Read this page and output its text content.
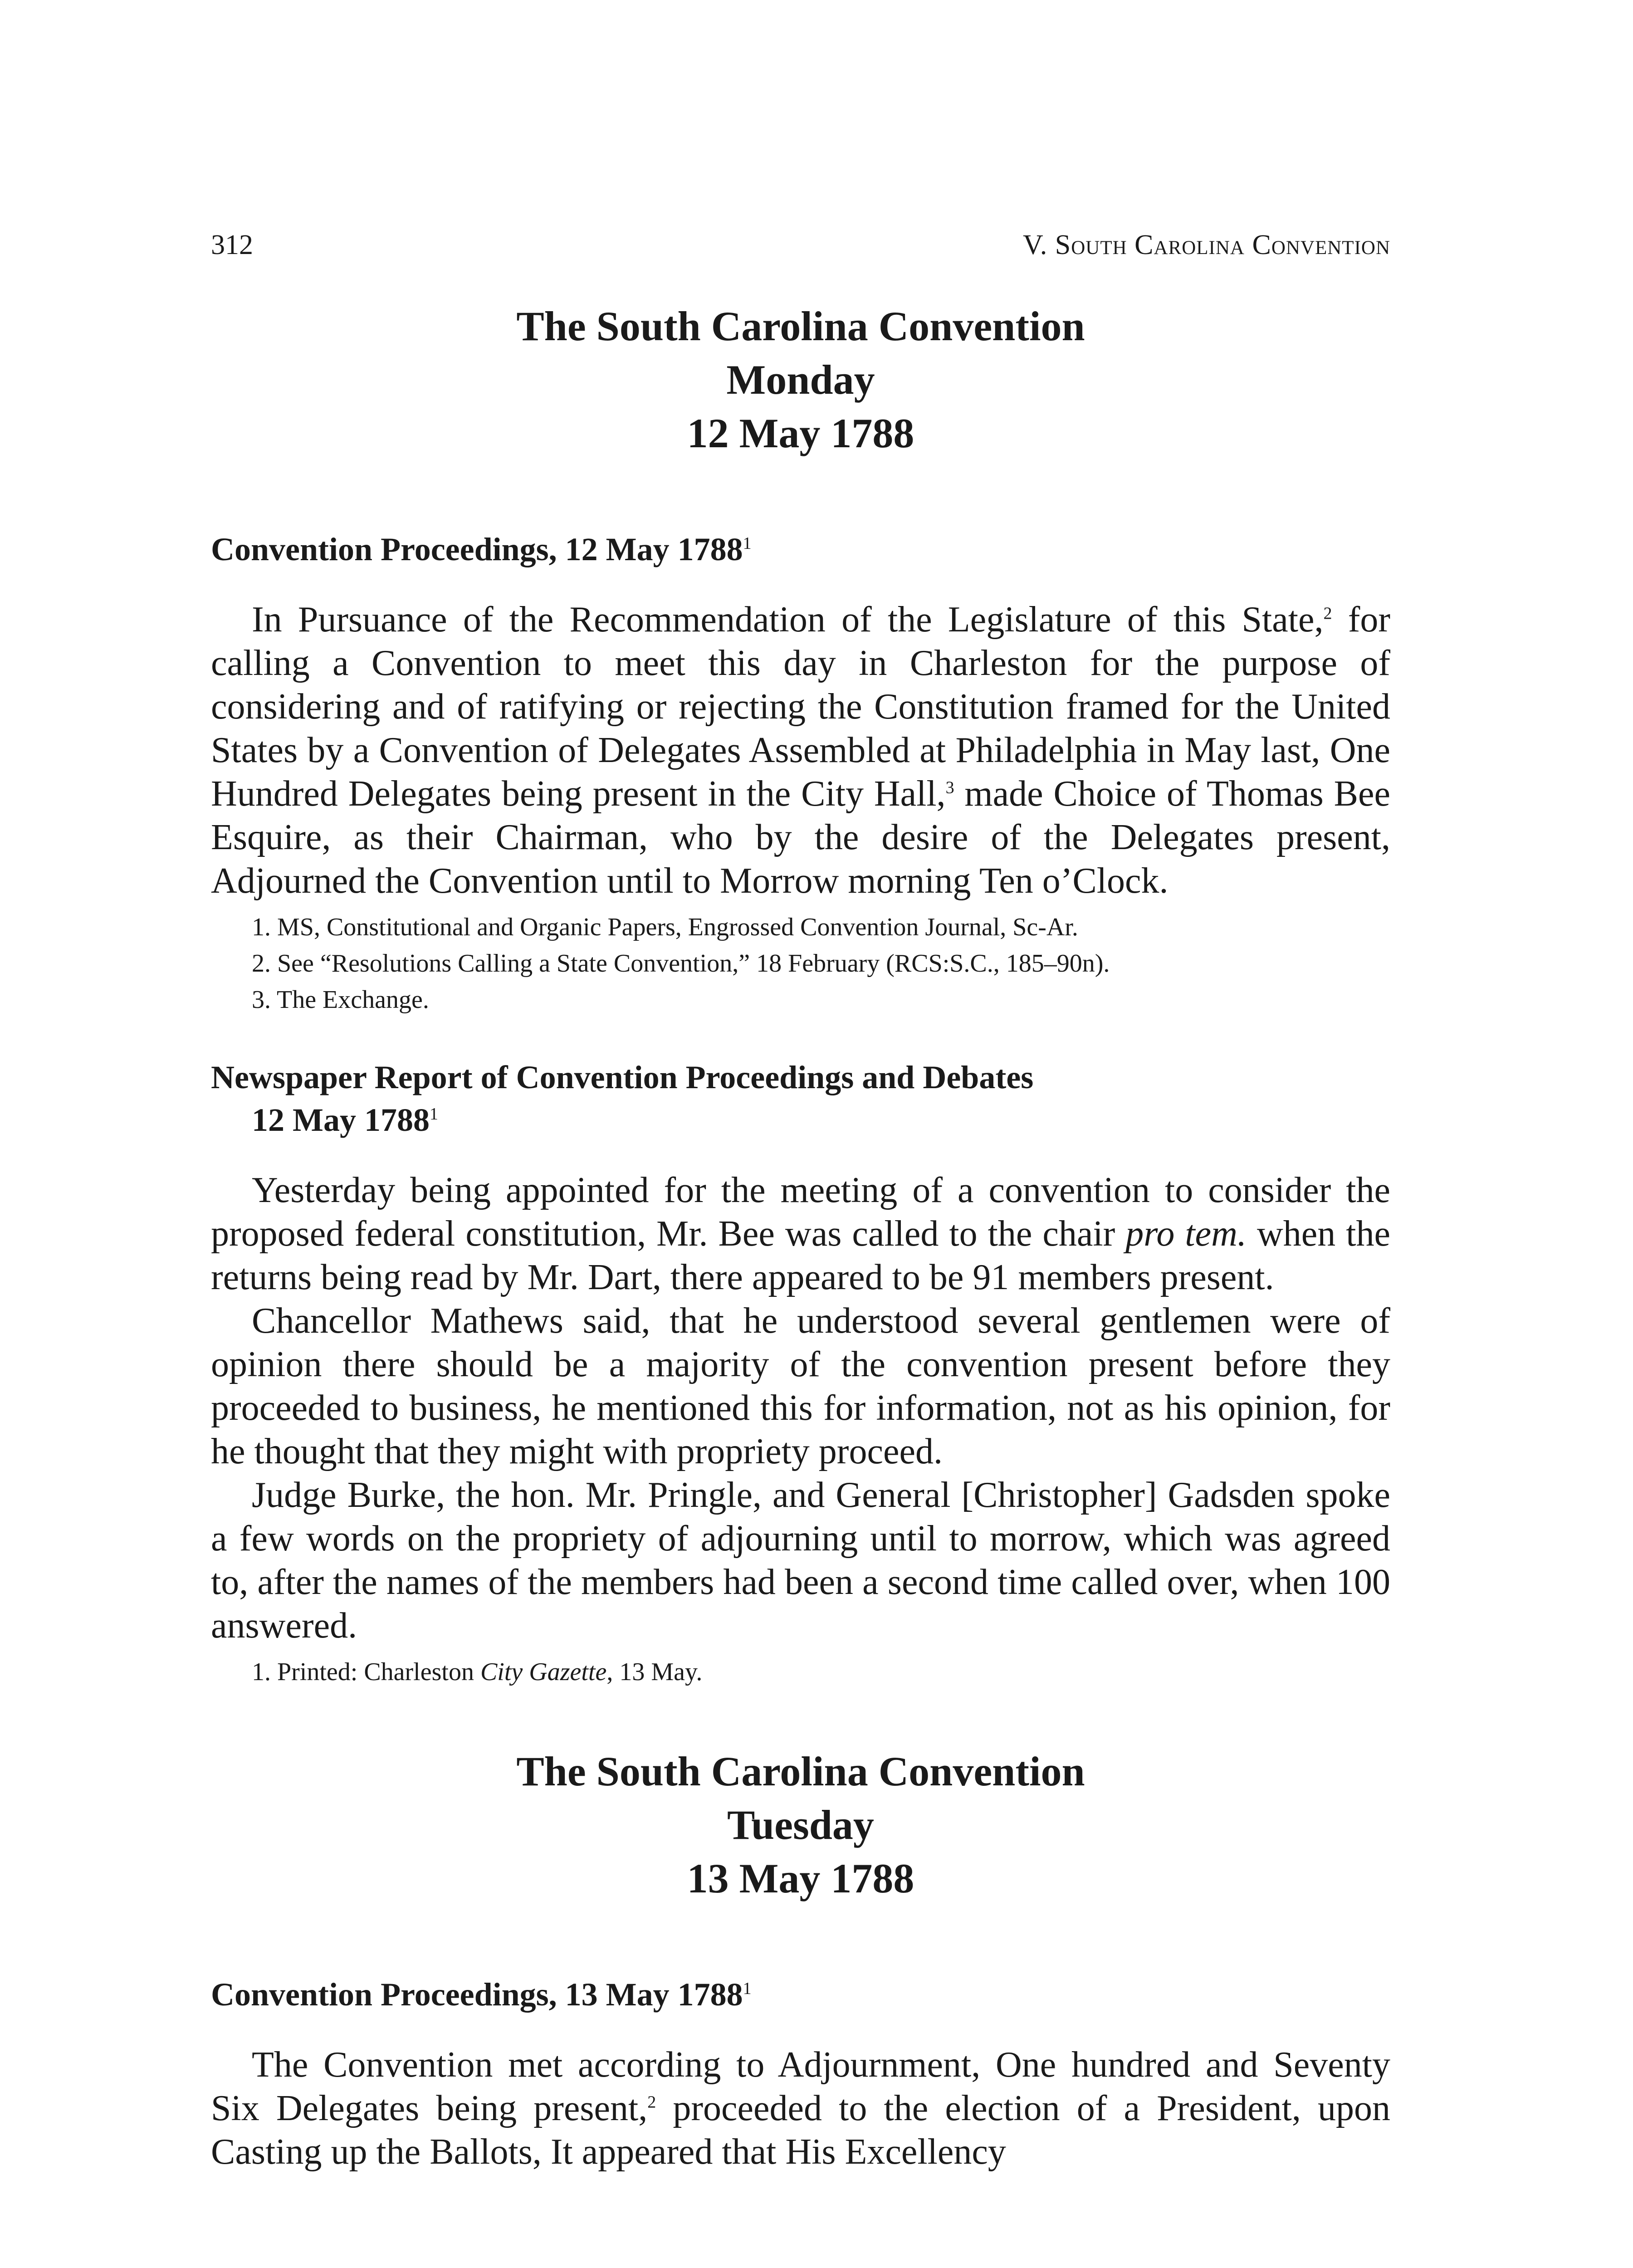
312	V. South Carolina Convention
The South Carolina Convention
Monday
12 May 1788
Convention Proceedings, 12 May 1788$^1$

In Pursuance of the Recommendation of the Legislature of this State,$^2$ for calling a Convention to meet this day in Charleston for the purpose of considering and of ratifying or rejecting the Constitution framed for the United States by a Convention of Delegates Assembled at Philadelphia in May last, One Hundred Delegates being present in the City Hall,$^3$ made Choice of Thomas Bee Esquire, as their Chairman, who by the desire of the Delegates present, Adjourned the Convention until to Morrow morning Ten o’Clock.

1. MS, Constitutional and Organic Papers, Engrossed Convention Journal, Sc-Ar.

2. See “Resolutions Calling a State Convention,” 18 February (RCS:S.C., 185–90n).

3. The Exchange.

Newspaper Report of Convention Proceedings and Debates
12 May 1788$^1$

Yesterday being appointed for the meeting of a convention to consider the proposed federal constitution, Mr. Bee was called to the chair pro tem. when the returns being read by Mr. Dart, there appeared to be 91 members present.

Chancellor Mathews said, that he understood several gentlemen were of opinion there should be a majority of the convention present before they proceeded to business, he mentioned this for information, not as his opinion, for he thought that they might with propriety proceed.

Judge Burke, the hon. Mr. Pringle, and General [Christopher] Gadsden spoke a few words on the propriety of adjourning until to morrow, which was agreed to, after the names of the members had been a second time called over, when 100 answered.

1. Printed: Charleston City Gazette, 13 May.

The South Carolina Convention
Tuesday
13 May 1788
Convention Proceedings, 13 May 1788$^1$

The Convention met according to Adjournment, One hundred and Seventy Six Delegates being present,$^2$ proceeded to the election of a President, upon Casting up the Ballots, It appeared that His Excellency
